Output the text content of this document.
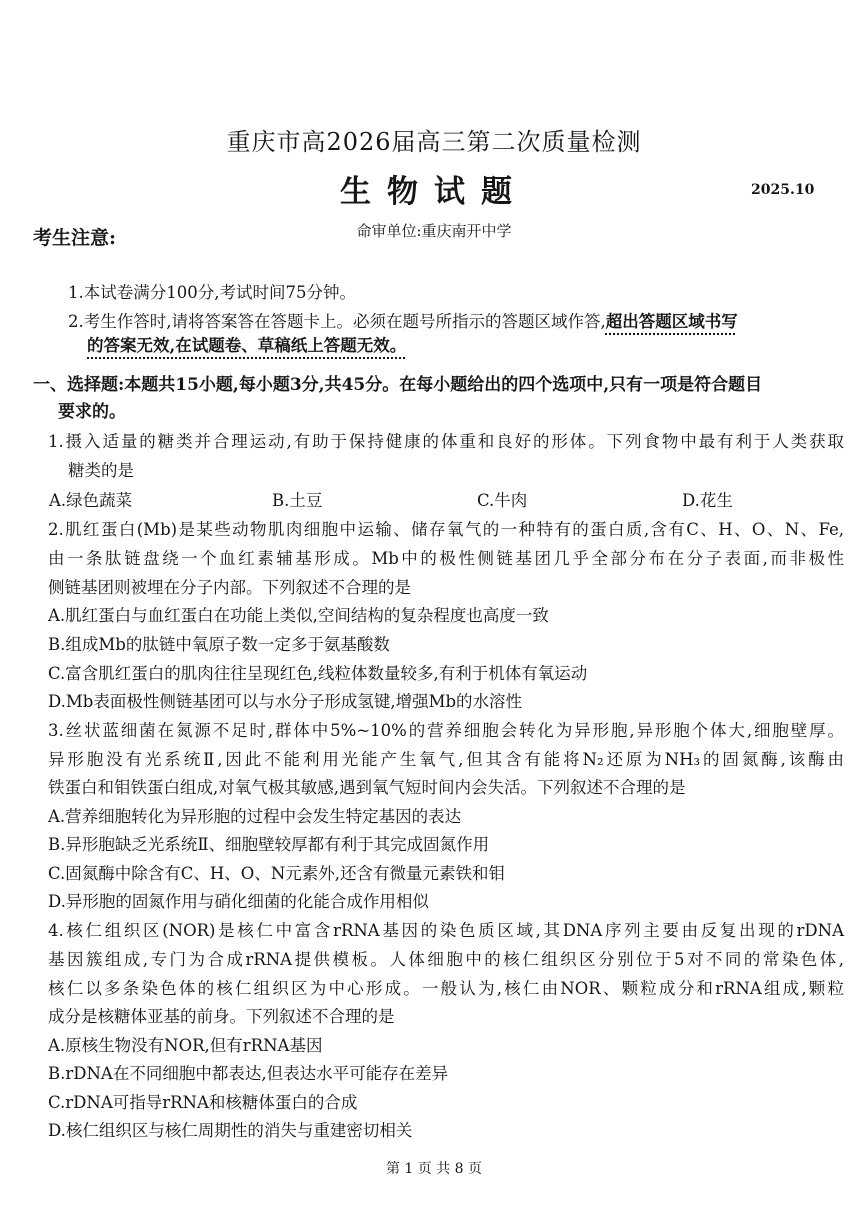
重庆市高2026届高三第二次质量检测
生物试题	2025.10
命审单位:重庆南开中学
考生注意:
1.本试卷满分100分,考试时间75分钟。
2.考生作答时,请将答案答在答题卡上。必须在题号所指示的答题区域作答,超出答题区域书写
的答案无效,在试题卷、草稿纸上答题无效。
一、选择题:本题共15小题,每小题3分,共45分。在每小题给出的四个选项中,只有一项是符合题目
要求的。
1.摄入适量的糖类并合理运动,有助于保持健康的体重和良好的形体。下列食物中最有利于人类获取
糖类的是
A.绿色蔬菜	B.土豆	C.牛肉	D.花生
2.肌红蛋白(Mb)是某些动物肌肉细胞中运输、储存氧气的一种特有的蛋白质,含有C、H、O、N、Fe,
由一条肽链盘绕一个血红素辅基形成。Mb中的极性侧链基团几乎全部分布在分子表面,而非极性
侧链基团则被埋在分子内部。下列叙述不合理的是
A.肌红蛋白与血红蛋白在功能上类似,空间结构的复杂程度也高度一致
B.组成Mb的肽链中氧原子数一定多于氨基酸数
C.富含肌红蛋白的肌肉往往呈现红色,线粒体数量较多,有利于机体有氧运动
D.Mb表面极性侧链基团可以与水分子形成氢键,增强Mb的水溶性
3.丝状蓝细菌在氮源不足时,群体中5%~10%的营养细胞会转化为异形胞,异形胞个体大,细胞壁厚。
异形胞没有光系统Ⅱ,因此不能利用光能产生氧气,但其含有能将N₂还原为NH₃的固氮酶,该酶由
铁蛋白和钼铁蛋白组成,对氧气极其敏感,遇到氧气短时间内会失活。下列叙述不合理的是
A.营养细胞转化为异形胞的过程中会发生特定基因的表达
B.异形胞缺乏光系统Ⅱ、细胞壁较厚都有利于其完成固氮作用
C.固氮酶中除含有C、H、O、N元素外,还含有微量元素铁和钼
D.异形胞的固氮作用与硝化细菌的化能合成作用相似
4.核仁组织区(NOR)是核仁中富含rRNA基因的染色质区域,其DNA序列主要由反复出现的rDNA
基因簇组成,专门为合成rRNA提供模板。人体细胞中的核仁组织区分别位于5对不同的常染色体,
核仁以多条染色体的核仁组织区为中心形成。一般认为,核仁由NOR、颗粒成分和rRNA组成,颗粒
成分是核糖体亚基的前身。下列叙述不合理的是
A.原核生物没有NOR,但有rRNA基因
B.rDNA在不同细胞中都表达,但表达水平可能存在差异
C.rDNA可指导rRNA和核糖体蛋白的合成
D.核仁组织区与核仁周期性的消失与重建密切相关
第 1 页 共 8 页
